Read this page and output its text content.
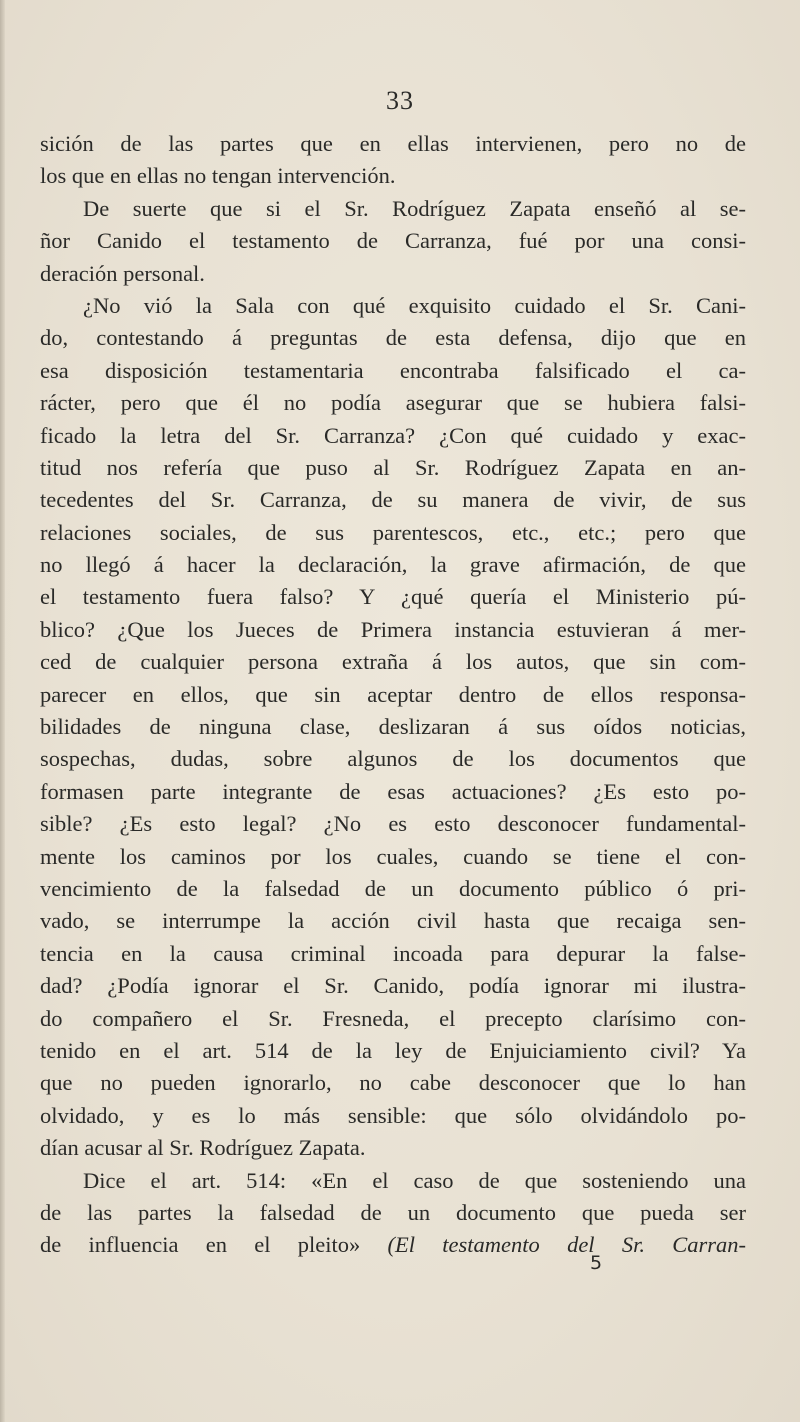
33
sición de las partes que en ellas intervienen, pero no de
los que en ellas no tengan intervención.
De suerte que si el Sr. Rodríguez Zapata enseñó al se-
ñor Canido el testamento de Carranza, fué por una consi-
deración personal.
¿No vió la Sala con qué exquisito cuidado el Sr. Cani-
do, contestando á preguntas de esta defensa, dijo que en
esa disposición testamentaria encontraba falsificado el ca-
rácter, pero que él no podía asegurar que se hubiera falsi-
ficado la letra del Sr. Carranza? ¿Con qué cuidado y exac-
titud nos refería que puso al Sr. Rodríguez Zapata en an-
tecedentes del Sr. Carranza, de su manera de vivir, de sus
relaciones sociales, de sus parentescos, etc., etc.; pero que
no llegó á hacer la declaración, la grave afirmación, de que
el testamento fuera falso? Y ¿qué quería el Ministerio pú-
blico? ¿Que los Jueces de Primera instancia estuvieran á mer-
ced de cualquier persona extraña á los autos, que sin com-
parecer en ellos, que sin aceptar dentro de ellos responsa-
bilidades de ninguna clase, deslizaran á sus oídos noticias,
sospechas, dudas, sobre algunos de los documentos que
formasen parte integrante de esas actuaciones? ¿Es esto po-
sible? ¿Es esto legal? ¿No es esto desconocer fundamental-
mente los caminos por los cuales, cuando se tiene el con-
vencimiento de la falsedad de un documento público ó pri-
vado, se interrumpe la acción civil hasta que recaiga sen-
tencia en la causa criminal incoada para depurar la false-
dad? ¿Podía ignorar el Sr. Canido, podía ignorar mi ilustra-
do compañero el Sr. Fresneda, el precepto clarísimo con-
tenido en el art. 514 de la ley de Enjuiciamiento civil? Ya
que no pueden ignorarlo, no cabe desconocer que lo han
olvidado, y es lo más sensible: que sólo olvidándolo po-
dían acusar al Sr. Rodríguez Zapata.
Dice el art. 514: «En el caso de que sosteniendo una
de las partes la falsedad de un documento que pueda ser
de influencia en el pleito» (El testamento del Sr. Carran-
5
